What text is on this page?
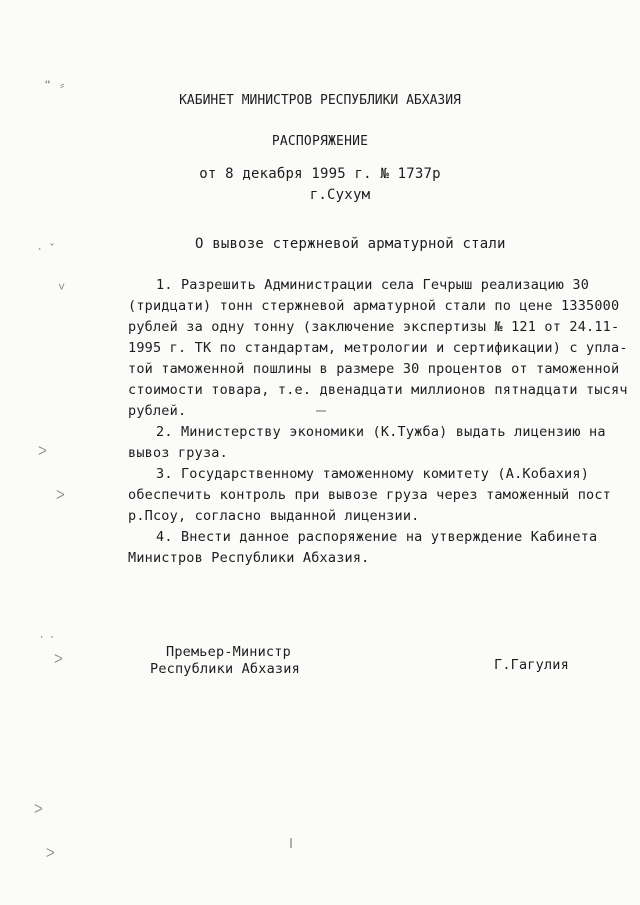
❝ ⸗
⸱ ˇ
˅
ᐳ
ᐳ
⸱ ⸱
ᐳ
ᐳ
ᐳ
КАБИНЕТ МИНИСТРОВ РЕСПУБЛИКИ АБХАЗИЯ
РАСПОРЯЖЕНИЕ
от 8 декабря 1995 г. № 1737р
г.Сухум
О вывозе стержневой арматурной стали
1. Разрешить Администрации села Гечрыш реализацию 30
(тридцати) тонн стержневой арматурной стали по цене 1335000
рублей за одну тонну (заключение экспертизы № 121 от 24.11-
1995 г. ТК по стандартам, метрологии и сертификации) с упла-
той таможенной пошлины в размере 30 процентов от таможенной
стоимости товара, т.е. двенадцати миллионов пятнадцати тысяч
рублей.
2. Министерству экономики (К.Тужба) выдать лицензию на
вывоз груза.
3. Государственному таможенному комитету (А.Кобахия)
обеспечить контроль при вывозе груза через таможенный пост
р.Псоу, согласно выданной лицензии.
4. Внести данное распоряжение на утверждение Кабинета
Министров Республики Абхазия.
Премьер-Министр
Республики Абхазия	Г.Гагулия
